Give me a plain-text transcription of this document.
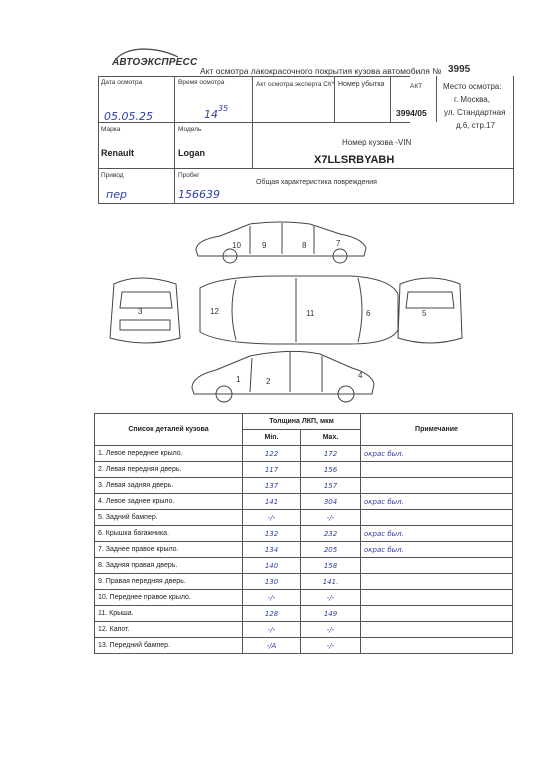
АВТОЭКСПРЕСС
Акт осмотра лакокрасочного покрытия кузова автомобиля № 3995
Дата осмотра
05.05.25
Время осмотра
14 35
Акт осмотра эксперта СК* Номер убытка	АКТ
3994/05
Место осмотра:
г. Москва,
ул. Стандартная
д.6, стр.17
Марка
Renault
Модель
Logan
Номер кузова -VIN
X7LLSRBYABH
Привод
пер
Пробег
156639
Общая характеристика повреждения
10	9	8	7
3	12	11	6	5
2
1	4
Список деталей кузова	Толщина ЛКП, мкм		Примечание
	Min.	Max.	
1. Левое переднее крыло.	122	172	окрас был.
2. Левая передняя дверь.	117	156	
3. Левая задняя дверь.	137	157	
4. Левое заднее крыло.	141	304	окрас был.
5. Задний бампер.	-/-	-/-	
6. Крышка багажника.	132	232	окрас был.
7. Заднее правое крыло.	134	205	окрас был.
8. Задняя правая дверь.	140	158	
9. Правая передняя дверь.	130	141.	
10. Переднее правое крыло.	-/-	-/-	
11. Крыша.	128	149	
12. Капот.	-/-	-/-	
13. Передний бампер.	-/А	-/-	
